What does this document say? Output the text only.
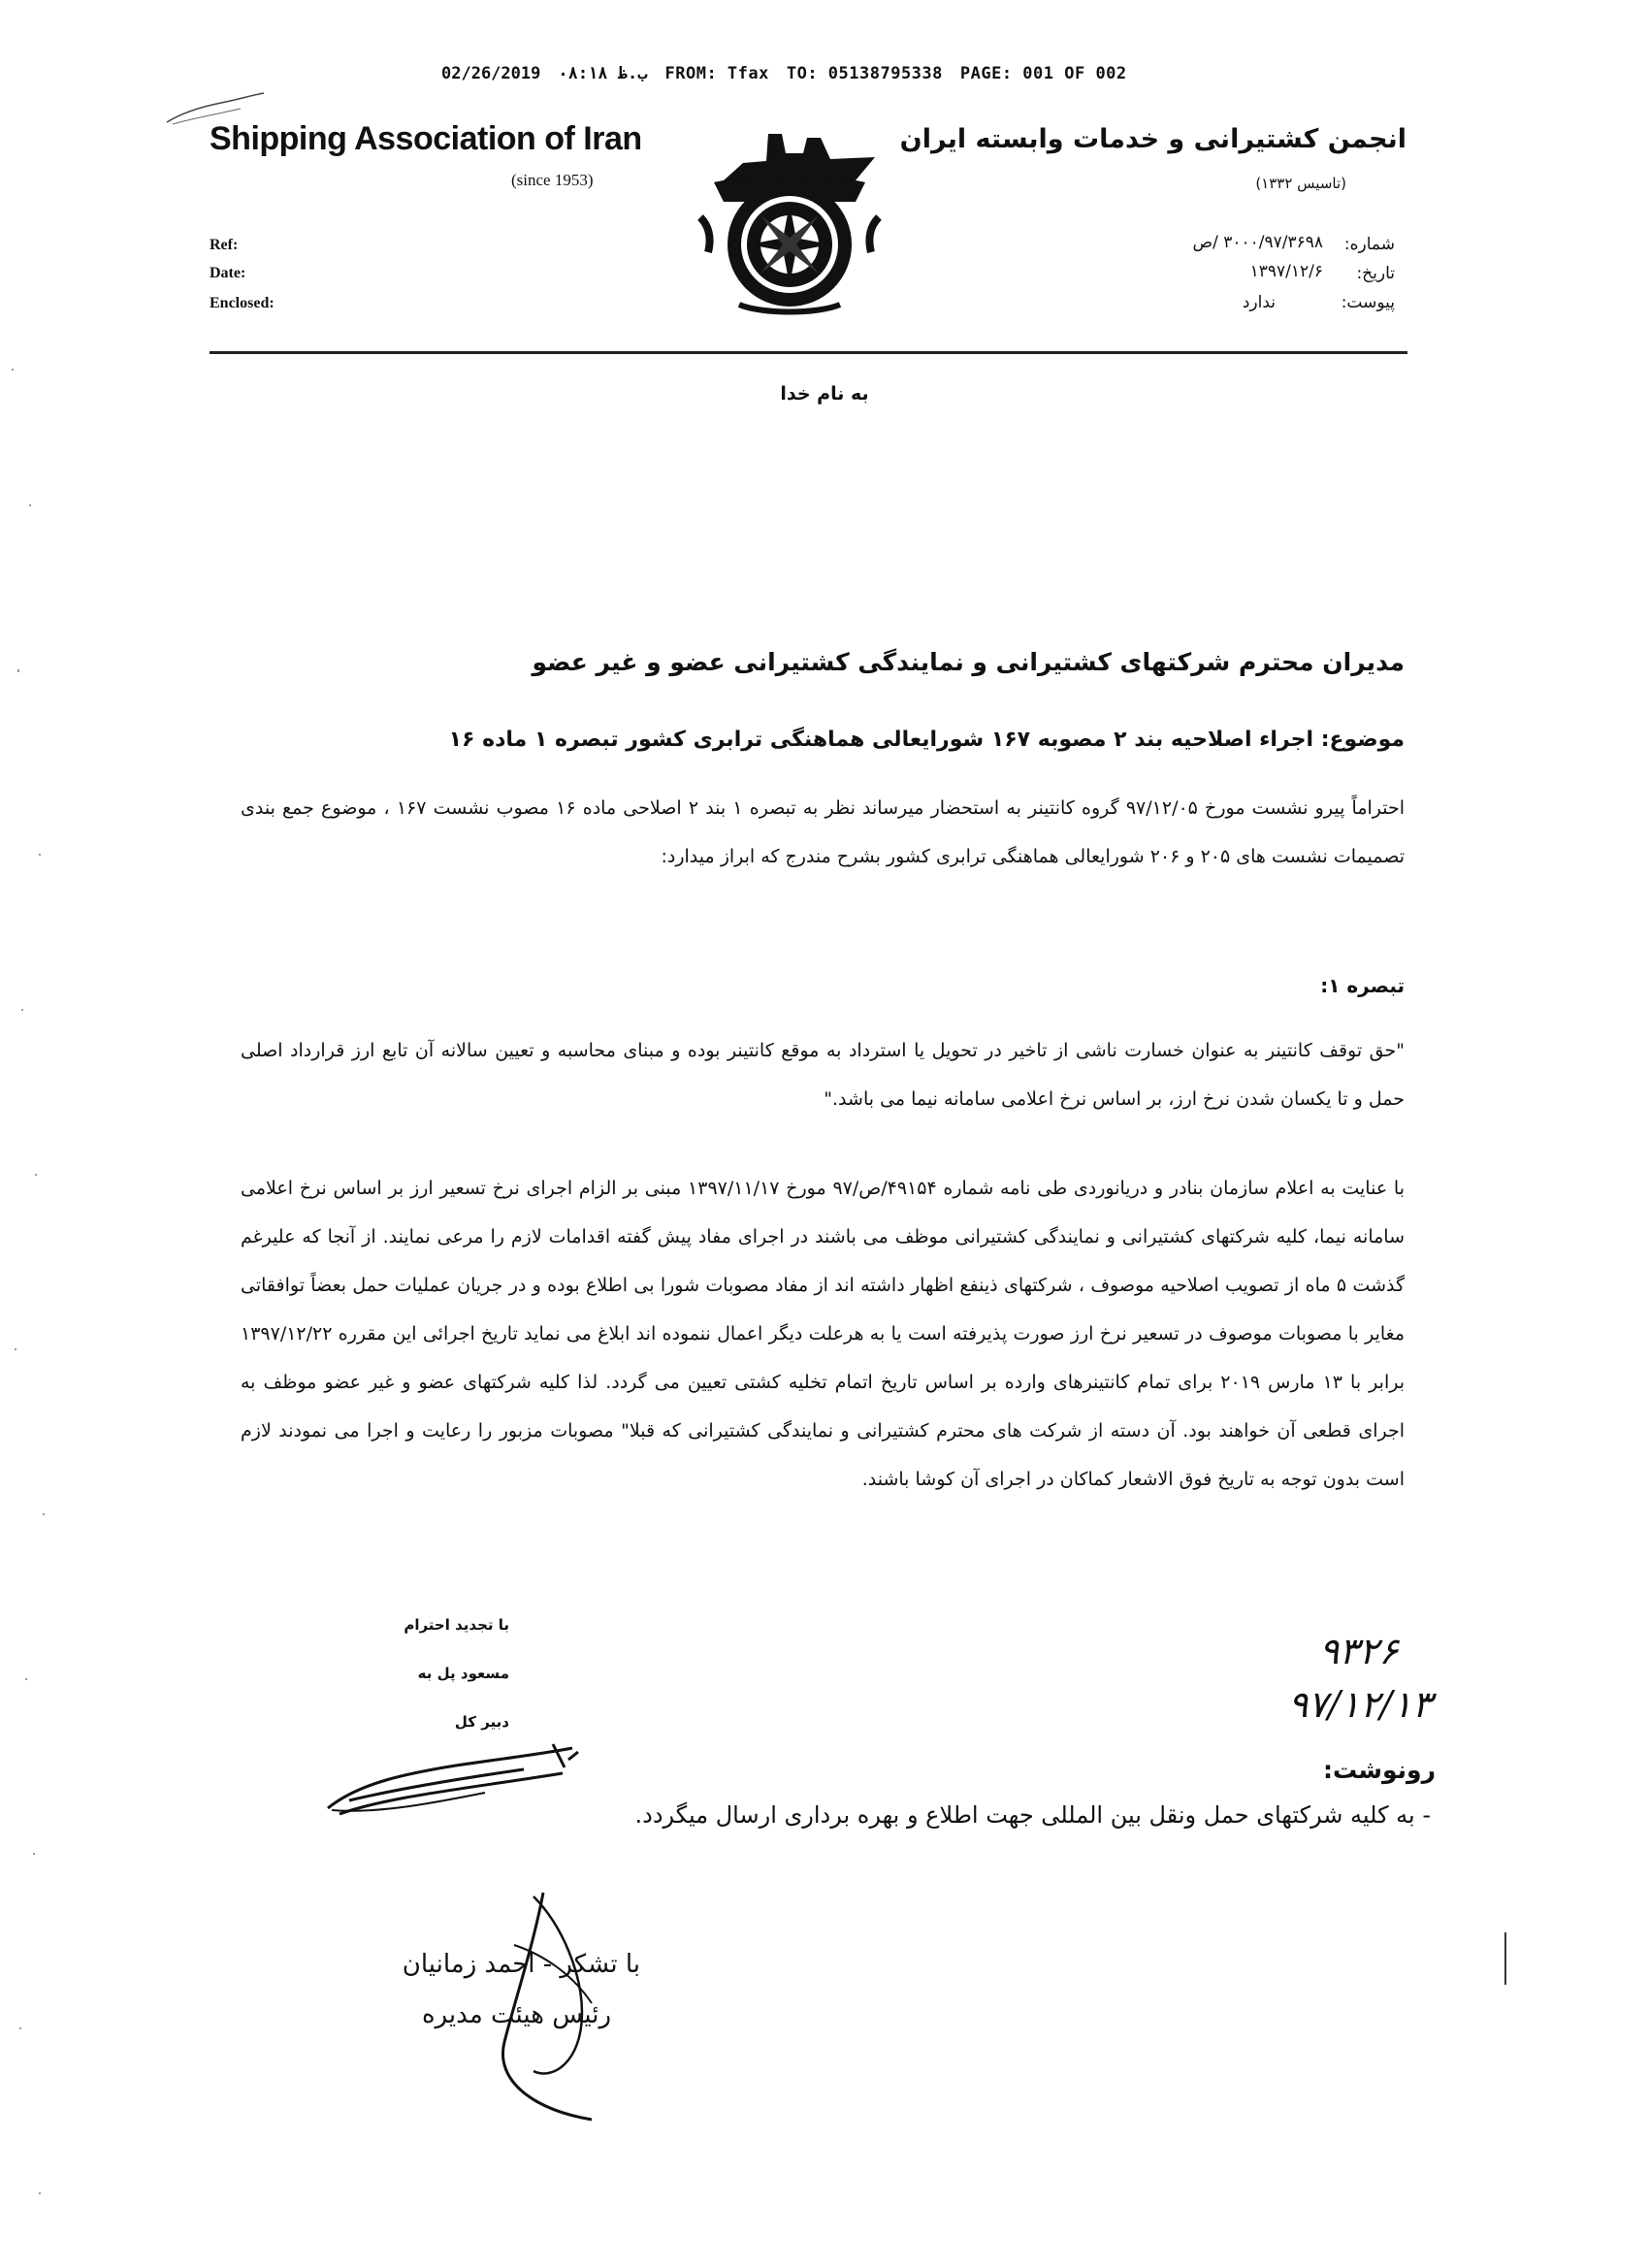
02/26/2019 ب.ظ ۰۸:۱۸ FROM: Tfax TO: 05138795338 PAGE: 001 OF 002
Shipping Association of Iran
(since 1953)
Ref:
Date:
Enclosed:
انجمن کشتیرانی و خدمات وابسته ایران
(تاسیس ۱۳۳۲)
شماره:
۳۰۰۰/۹۷/۳۶۹۸ /ص
تاریخ:
۱۳۹۷/۱۲/۶
پیوست:
ندارد
به نام خدا
مدیران محترم شرکتهای کشتیرانی و نمایندگی کشتیرانی عضو و غیر عضو
موضوع: اجراء اصلاحیه بند ۲ مصوبه ۱۶۷ شورایعالی هماهنگی ترابری کشور تبصره ۱ ماده ۱۶
احتراماً پیرو نشست مورخ ۹۷/۱۲/۰۵ گروه کانتینر به استحضار میرساند نظر به تبصره ۱ بند ۲ اصلاحی ماده ۱۶ مصوب نشست ۱۶۷ ، موضوع جمع بندی تصمیمات نشست های ۲۰۵ و ۲۰۶ شورایعالی هماهنگی ترابری کشور بشرح مندرج که ابراز میدارد:
تبصره ۱:
"حق توقف کانتینر به عنوان خسارت ناشی از تاخیر در تحویل یا استرداد به موقع کانتینر بوده و مبنای محاسبه و تعیین سالانه آن تابع ارز قرارداد اصلی حمل و تا یکسان شدن نرخ ارز، بر اساس نرخ اعلامی سامانه نیما می باشد."
با عنایت به اعلام سازمان بنادر و دریانوردی طی نامه شماره ۴۹۱۵۴/ص/۹۷ مورخ ۱۳۹۷/۱۱/۱۷ مبنی بر الزام اجرای نرخ تسعیر ارز بر اساس نرخ اعلامی سامانه نیما، کلیه شرکتهای کشتیرانی و نمایندگی کشتیرانی موظف می باشند در اجرای مفاد پیش گفته اقدامات لازم را مرعی نمایند. از آنجا که علیرغم گذشت ۵ ماه از تصویب اصلاحیه موصوف ، شرکتهای ذینفع اظهار داشته اند از مفاد مصوبات شورا بی اطلاع بوده و در جریان عملیات حمل بعضاً توافقاتی مغایر با مصوبات موصوف در تسعیر نرخ ارز صورت پذیرفته است یا به هرعلت دیگر اعمال ننموده اند ابلاغ می نماید تاریخ اجرائی این مقرره ۱۳۹۷/۱۲/۲۲ برابر با ۱۳ مارس ۲۰۱۹ برای تمام کانتینرهای وارده بر اساس تاریخ اتمام تخلیه کشتی تعیین می گردد. لذا کلیه شرکتهای عضو و غیر عضو موظف به اجرای قطعی آن خواهند بود. آن دسته از شرکت های محترم کشتیرانی و نمایندگی کشتیرانی که قبلا" مصوبات مزبور را رعایت و اجرا می نمودند لازم است بدون توجه به تاریخ فوق الاشعار کماکان در اجرای آن کوشا باشند.
با تجدید احترام
مسعود پل به
دبیر کل
۹۳۲۶
۹۷/۱۲/۱۳
رونوشت:
- به کلیه شرکتهای حمل ونقل بین المللی جهت اطلاع و بهره برداری ارسال میگردد.
با تشکر - احمد زمانیان
رئیس هیئت مدیره
